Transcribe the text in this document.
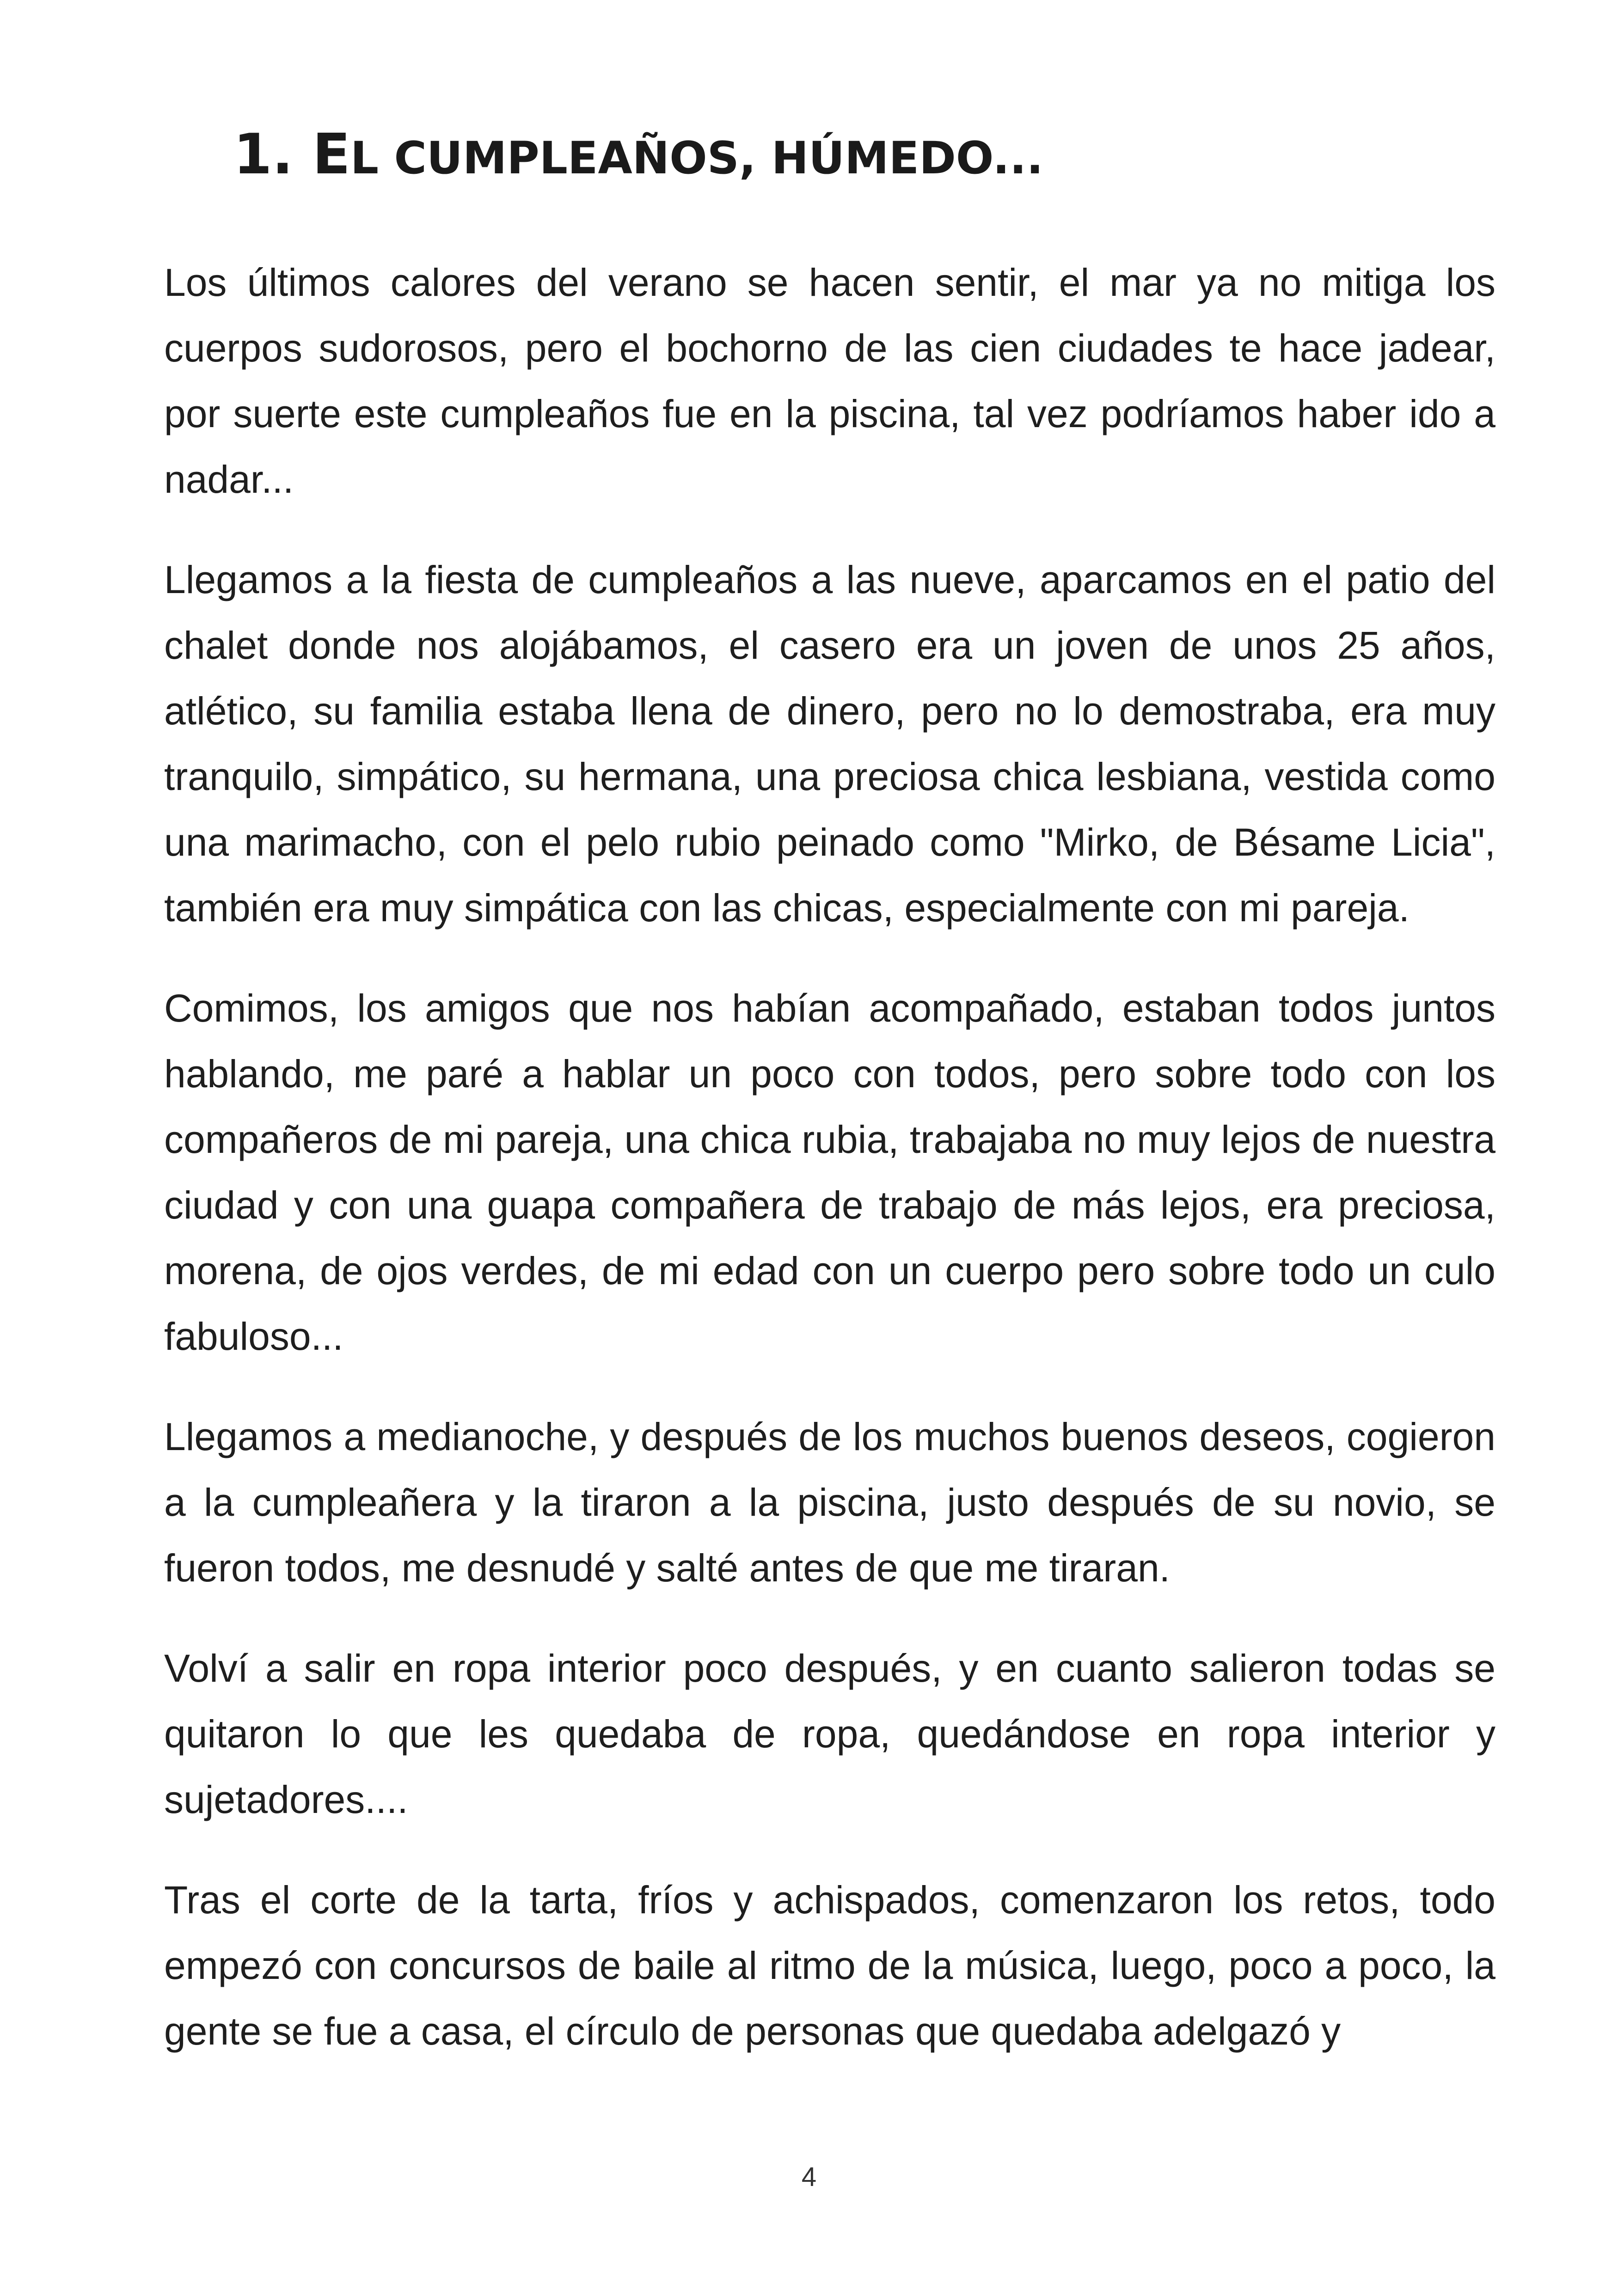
1. EL CUMPLEAÑOS, HÚMEDO...

Los últimos calores del verano se hacen sentir, el mar ya no mitiga los cuerpos sudorosos, pero el bochorno de las cien ciudades te hace jadear, por suerte este cumpleaños fue en la piscina, tal vez podríamos haber ido a nadar...

Llegamos a la fiesta de cumpleaños a las nueve, aparcamos en el patio del chalet donde nos alojábamos, el casero era un joven de unos 25 años, atlético, su familia estaba llena de dinero, pero no lo demostraba, era muy tranquilo, simpático, su hermana, una preciosa chica lesbiana, vestida como una marimacho, con el pelo rubio peinado como "Mirko, de Bésame Licia", también era muy simpática con las chicas, especialmente con mi pareja.

Comimos, los amigos que nos habían acompañado, estaban todos juntos hablando, me paré a hablar un poco con todos, pero sobre todo con los compañeros de mi pareja, una chica rubia, trabajaba no muy lejos de nuestra ciudad y con una guapa compañera de trabajo de más lejos, era preciosa, morena, de ojos verdes, de mi edad con un cuerpo pero sobre todo un culo fabuloso...

Llegamos a medianoche, y después de los muchos buenos deseos, cogieron a la cumpleañera y la tiraron a la piscina, justo después de su novio, se fueron todos, me desnudé y salté antes de que me tiraran.

Volví a salir en ropa interior poco después, y en cuanto salieron todas se quitaron lo que les quedaba de ropa, quedándose en ropa interior y sujetadores....

Tras el corte de la tarta, fríos y achispados, comenzaron los retos, todo empezó con concursos de baile al ritmo de la música, luego, poco a poco, la gente se fue a casa, el círculo de personas que quedaba adelgazó y

4
